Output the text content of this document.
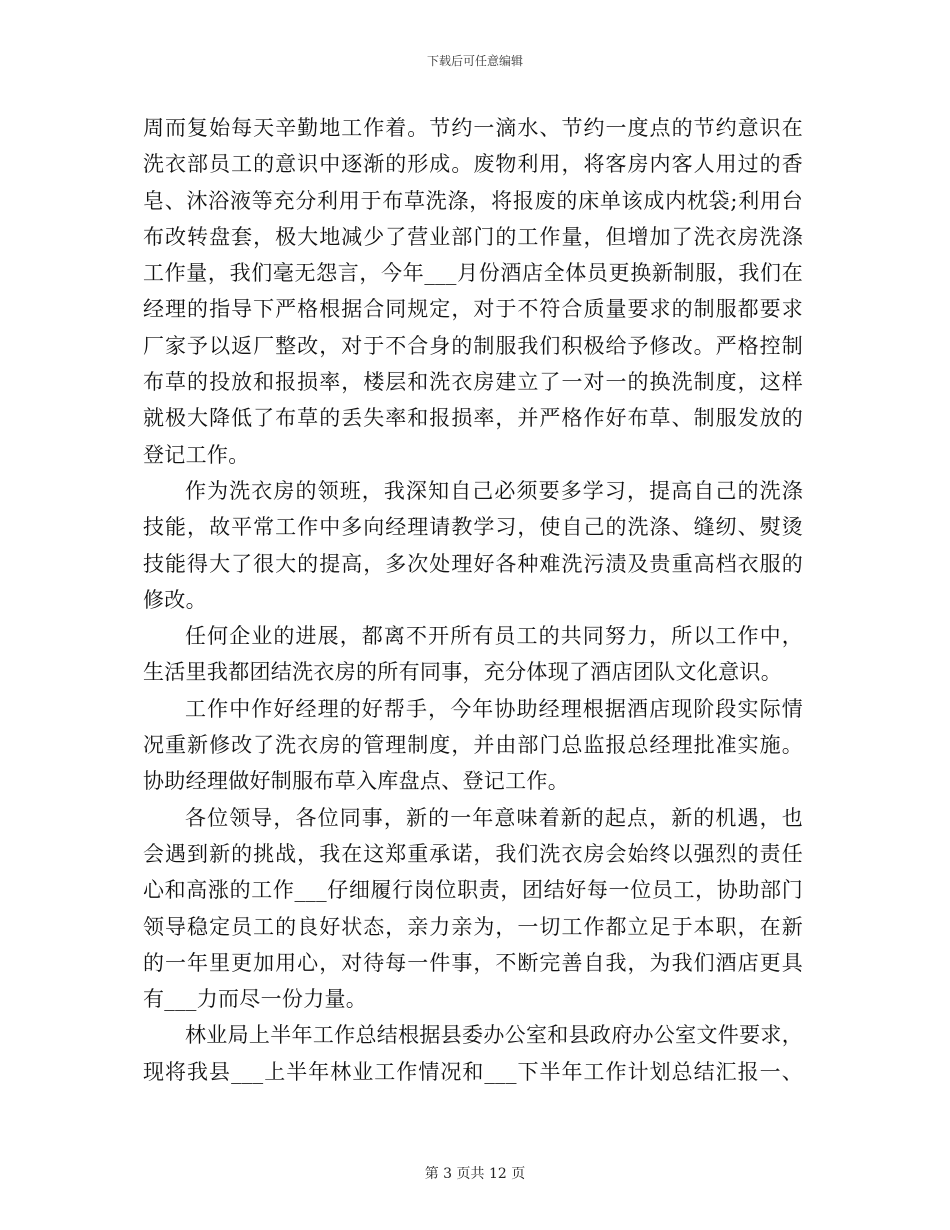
下载后可任意编辑
周而复始每天辛勤地工作着。节约一滴水、节约一度点的节约意识在
洗衣部员工的意识中逐渐的形成。废物利用，将客房内客人用过的香
皂、沐浴液等充分利用于布草洗涤，将报废的床单该成内枕袋;利用台
布改转盘套，极大地减少了营业部门的工作量，但增加了洗衣房洗涤
工作量，我们毫无怨言，今年___月份酒店全体员更换新制服，我们在
经理的指导下严格根据合同规定，对于不符合质量要求的制服都要求
厂家予以返厂整改，对于不合身的制服我们积极给予修改。严格控制
布草的投放和报损率，楼层和洗衣房建立了一对一的换洗制度，这样
就极大降低了布草的丢失率和报损率，并严格作好布草、制服发放的
登记工作。
作为洗衣房的领班，我深知自己必须要多学习，提高自己的洗涤
技能，故平常工作中多向经理请教学习，使自己的洗涤、缝纫、熨烫
技能得大了很大的提高，多次处理好各种难洗污渍及贵重高档衣服的
修改。
任何企业的进展，都离不开所有员工的共同努力，所以工作中，
生活里我都团结洗衣房的所有同事，充分体现了酒店团队文化意识。
工作中作好经理的好帮手，今年协助经理根据酒店现阶段实际情
况重新修改了洗衣房的管理制度，并由部门总监报总经理批准实施。
协助经理做好制服布草入库盘点、登记工作。
各位领导，各位同事，新的一年意味着新的起点，新的机遇，也
会遇到新的挑战，我在这郑重承诺，我们洗衣房会始终以强烈的责任
心和高涨的工作___仔细履行岗位职责，团结好每一位员工，协助部门
领导稳定员工的良好状态，亲力亲为，一切工作都立足于本职，在新
的一年里更加用心，对待每一件事，不断完善自我，为我们酒店更具
有___力而尽一份力量。
林业局上半年工作总结根据县委办公室和县政府办公室文件要求，
现将我县___上半年林业工作情况和___下半年工作计划总结汇报一、
第 3 页共 12 页
